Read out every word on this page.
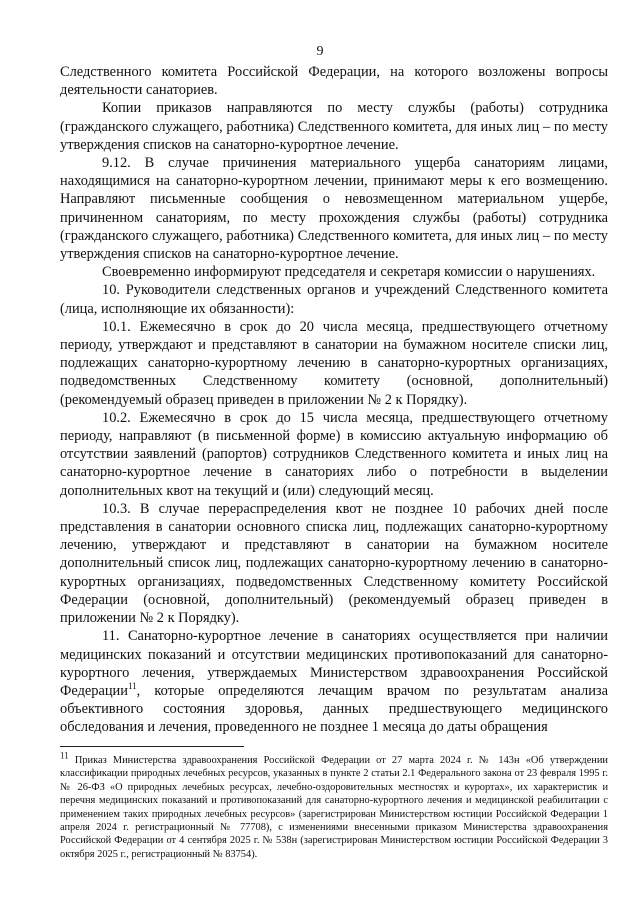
9

Следственного комитета Российской Федерации, на которого возложены вопросы деятельности санаториев.

Копии приказов направляются по месту службы (работы) сотрудника (гражданского служащего, работника) Следственного комитета, для иных лиц – по месту утверждения списков на санаторно-курортное лечение.

9.12. В случае причинения материального ущерба санаториям лицами, находящимися на санаторно-курортном лечении, принимают меры к его возмещению. Направляют письменные сообщения о невозмещенном материальном ущербе, причиненном санаториям, по месту прохождения службы (работы) сотрудника (гражданского служащего, работника) Следственного комитета, для иных лиц – по месту утверждения списков на санаторно-курортное лечение.

Своевременно информируют председателя и секретаря комиссии о нарушениях.

10. Руководители следственных органов и учреждений Следственного комитета (лица, исполняющие их обязанности):

10.1. Ежемесячно в срок до 20 числа месяца, предшествующего отчетному периоду, утверждают и представляют в санатории на бумажном носителе списки лиц, подлежащих санаторно-курортному лечению в санаторно-курортных организациях, подведомственных Следственному комитету (основной, дополнительный) (рекомендуемый образец приведен в приложении № 2 к Порядку).

10.2. Ежемесячно в срок до 15 числа месяца, предшествующего отчетному периоду, направляют (в письменной форме) в комиссию актуальную информацию об отсутствии заявлений (рапортов) сотрудников Следственного комитета и иных лиц на санаторно-курортное лечение в санаториях либо о потребности в выделении дополнительных квот на текущий и (или) следующий месяц.

10.3. В случае перераспределения квот не позднее 10 рабочих дней после представления в санатории основного списка лиц, подлежащих санаторно-курортному лечению, утверждают и представляют в санатории на бумажном носителе дополнительный список лиц, подлежащих санаторно-курортному лечению в санаторно-курортных организациях, подведомственных Следственному комитету Российской Федерации (основной, дополнительный) (рекомендуемый образец приведен в приложении № 2 к Порядку).

11. Санаторно-курортное лечение в санаториях осуществляется при наличии медицинских показаний и отсутствии медицинских противопоказаний для санаторно-курортного лечения, утверждаемых Министерством здравоохранения Российской Федерации$^{11}$, которые определяются лечащим врачом по результатам анализа объективного состояния здоровья, данных предшествующего медицинского обследования и лечения, проведенного не позднее 1 месяца до даты обращения

$^{11}$ Приказ Министерства здравоохранения Российской Федерации от 27 марта 2024 г. № 143н «Об утверждении классификации природных лечебных ресурсов, указанных в пункте 2 статьи 2.1 Федерального закона от 23 февраля 1995 г. № 26-ФЗ «О природных лечебных ресурсах, лечебно-оздоровительных местностях и курортах», их характеристик и перечня медицинских показаний и противопоказаний для санаторно-курортного лечения и медицинской реабилитации с применением таких природных лечебных ресурсов» (зарегистрирован Министерством юстиции Российской Федерации 1 апреля 2024 г. регистрационный № 77708), с изменениями внесенными приказом Министерства здравоохранения Российской Федерации от 4 сентября 2025 г. № 538н (зарегистрирован Министерством юстиции Российской Федерации 3 октября 2025 г., регистрационный № 83754).
